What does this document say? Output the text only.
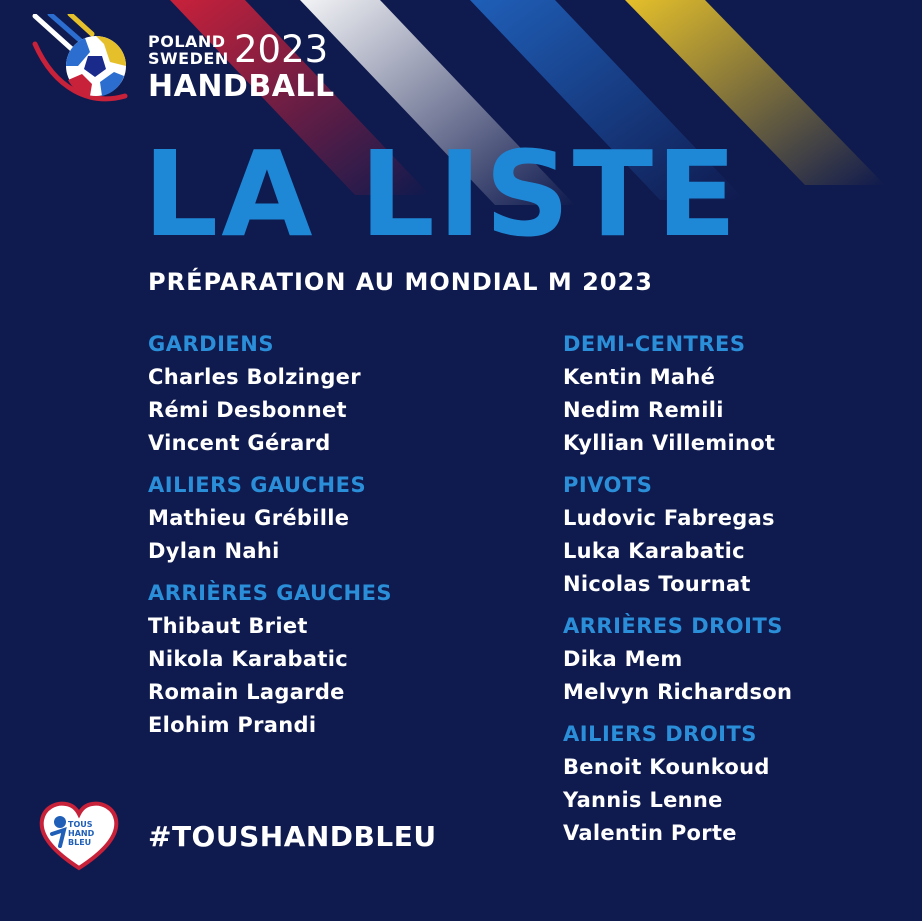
POLAND
SWEDEN 2023
HANDBALL
LA LISTE
PRÉPARATION AU MONDIAL M 2023
GARDIENS
Charles Bolzinger
Rémi Desbonnet
Vincent Gérard
AILIERS GAUCHES
Mathieu Grébille
Dylan Nahi
ARRIÈRES GAUCHES
Thibaut Briet
Nikola Karabatic
Romain Lagarde
Elohim Prandi
DEMI-CENTRES
Kentin Mahé
Nedim Remili
Kyllian Villeminot
PIVOTS
Ludovic Fabregas
Luka Karabatic
Nicolas Tournat
ARRIÈRES DROITS
Dika Mem
Melvyn Richardson
AILIERS DROITS
Benoit Kounkoud
Yannis Lenne
Valentin Porte
TOUS
HAND
BLEU #TOUSHANDBLEU
